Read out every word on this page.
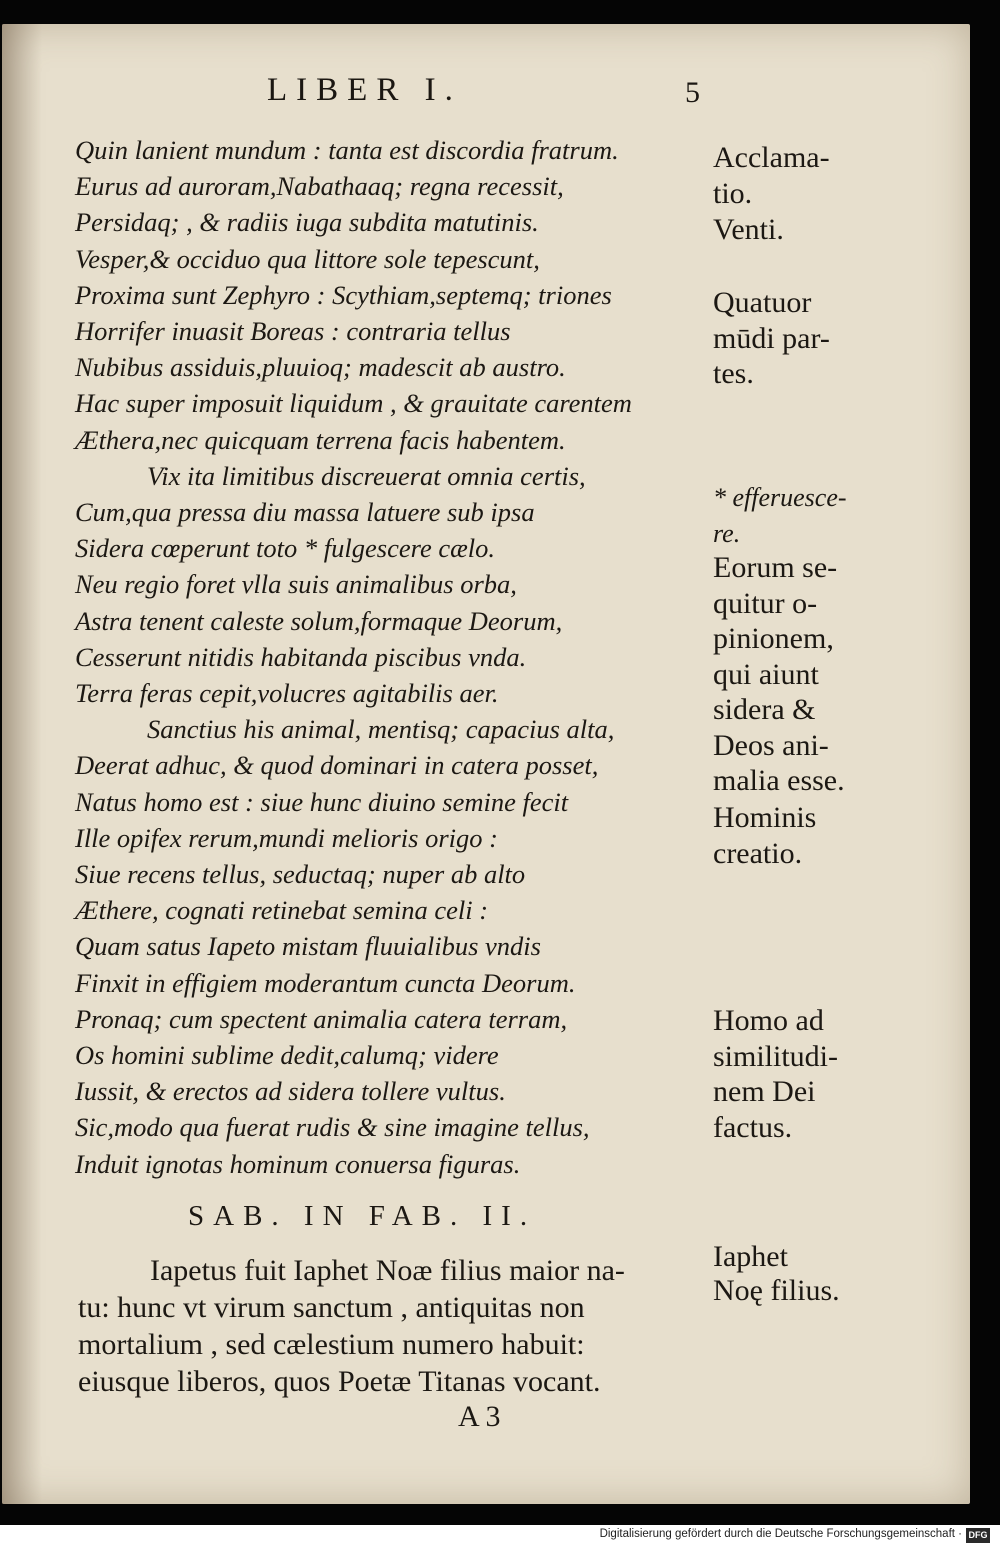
LIBER I.	5
Quin lanient mundum : tanta est discordia fratrum.
Eurus ad auroram,Nabathaaq; regna recessit,
Persidaq; , & radiis iuga subdita matutinis.
Vesper,& occiduo qua littore sole tepescunt,
Proxima sunt Zephyro : Scythiam,septemq; triones
Horrifer inuasit Boreas : contraria tellus
Nubibus assiduis,pluuioq; madescit ab austro.
Hac super imposuit liquidum , & grauitate carentem
Æthera,nec quicquam terrena facis habentem.
Vix ita limitibus discreuerat omnia certis,
Cum,qua pressa diu massa latuere sub ipsa
Sidera cœperunt toto * fulgescere cælo.
Neu regio foret vlla suis animalibus orba,
Astra tenent caleste solum,formaque Deorum,
Cesserunt nitidis habitanda piscibus vnda.
Terra feras cepit,volucres agitabilis aer.
Sanctius his animal, mentisq; capacius alta,
Deerat adhuc, & quod dominari in catera posset,
Natus homo est : siue hunc diuino semine fecit
Ille opifex rerum,mundi melioris origo :
Siue recens tellus, seductaq; nuper ab alto
Æthere, cognati retinebat semina celi :
Quam satus Iapeto mistam fluuialibus vndis
Finxit in effigiem moderantum cuncta Deorum.
Pronaq; cum spectent animalia catera terram,
Os homini sublime dedit,calumq; videre
Iussit, & erectos ad sidera tollere vultus.
Sic,modo qua fuerat rudis & sine imagine tellus,
Induit ignotas hominum conuersa figuras.
Acclama-
tio.
Venti.
Quatuor
mūdi par-
tes.
* efferuesce-
re.
Eorum se-
quitur o-
pinionem,
qui aiunt
sidera &
Deos ani-
malia esse.
Hominis
creatio.
Homo ad
similitudi-
nem Dei
factus.
SAB. IN FAB. II.
Iaphet
Noę filius.
Iapetus fuit Iaphet Noæ filius maior na-
tu: hunc vt virum sanctum , antiquitas non
mortalium , sed cælestium numero habuit:
eiusque liberos, quos Poetæ Titanas vocant.
A 3
Digitalisierung gefördert durch die Deutsche Forschungsgemeinschaft · DFG
